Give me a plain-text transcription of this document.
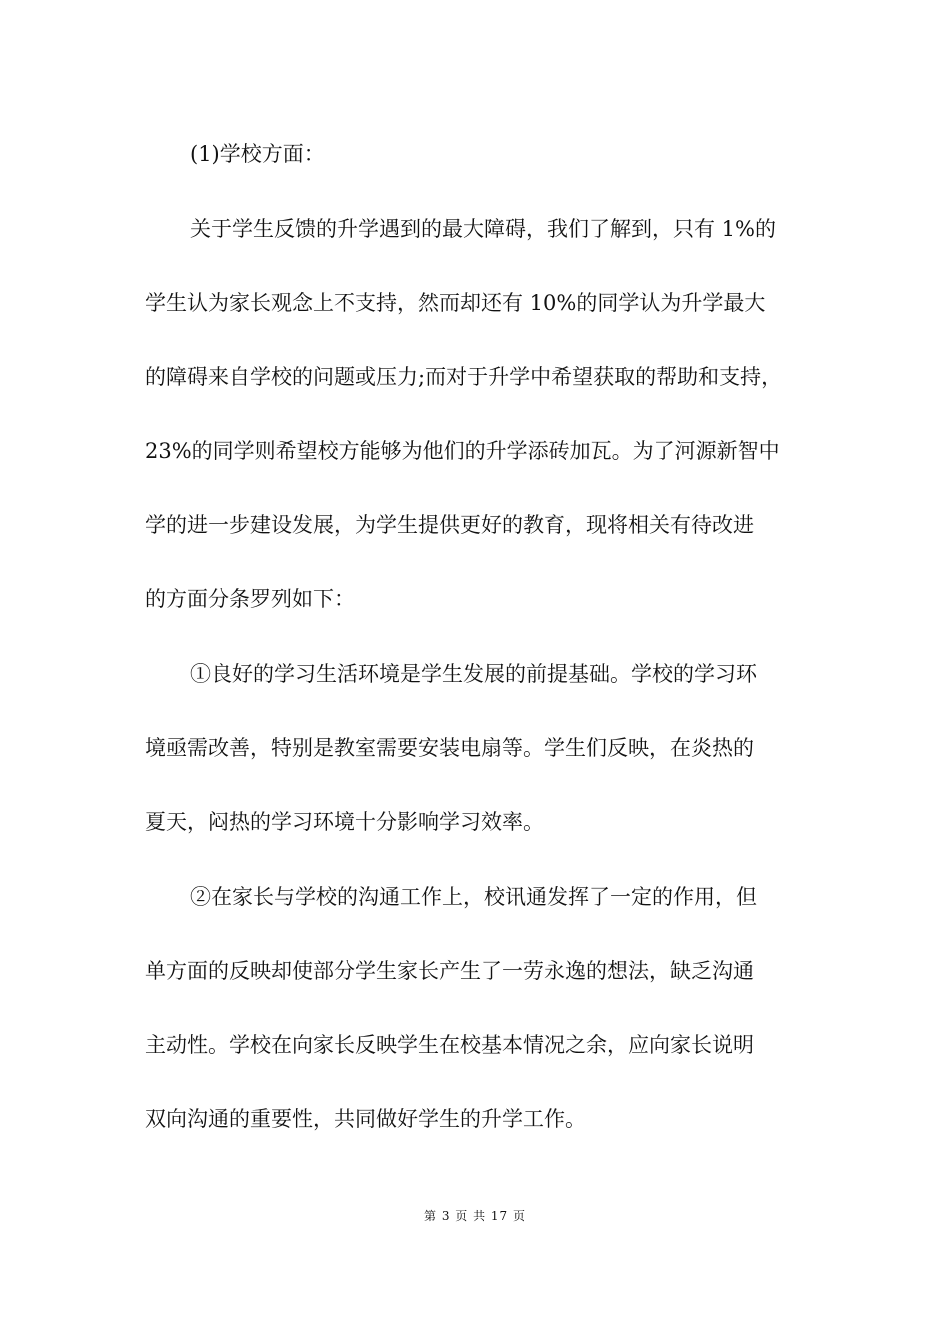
(1)学校方面：
关于学生反馈的升学遇到的最大障碍，我们了解到，只有 1%的
学生认为家长观念上不支持，然而却还有 10%的同学认为升学最大
的障碍来自学校的问题或压力;而对于升学中希望获取的帮助和支持，
23%的同学则希望校方能够为他们的升学添砖加瓦。为了河源新智中
学的进一步建设发展，为学生提供更好的教育，现将相关有待改进
的方面分条罗列如下：
①良好的学习生活环境是学生发展的前提基础。学校的学习环
境亟需改善，特别是教室需要安装电扇等。学生们反映，在炎热的
夏天，闷热的学习环境十分影响学习效率。
②在家长与学校的沟通工作上，校讯通发挥了一定的作用，但
单方面的反映却使部分学生家长产生了一劳永逸的想法，缺乏沟通
主动性。学校在向家长反映学生在校基本情况之余，应向家长说明
双向沟通的重要性，共同做好学生的升学工作。
第 3 页 共 17 页
